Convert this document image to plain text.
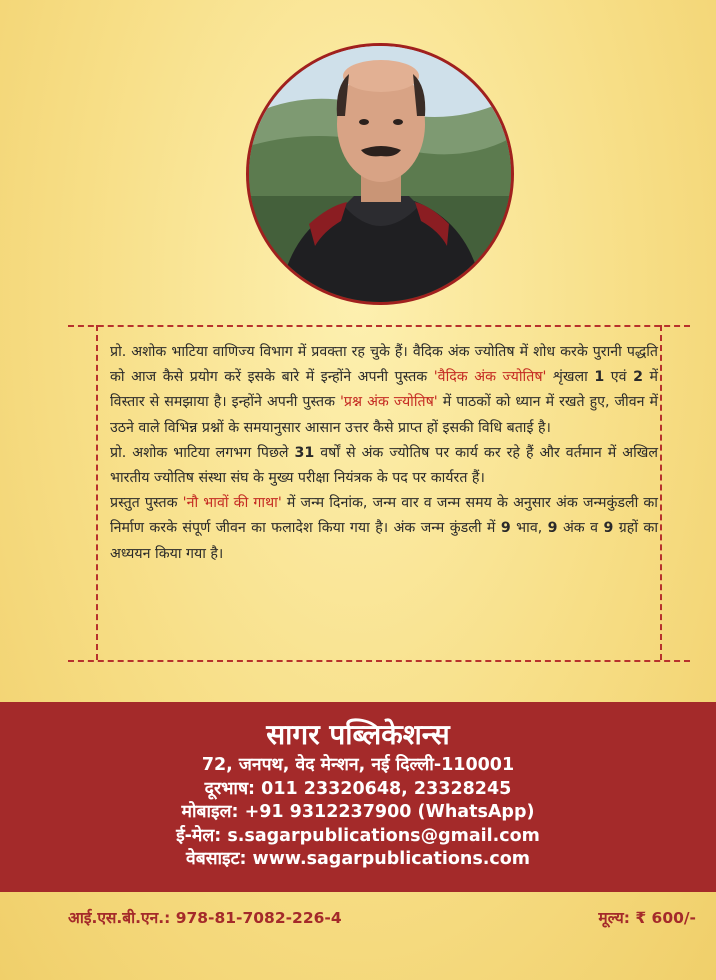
प्रो. अशोक भाटिया वाणिज्य विभाग में प्रवक्ता रह चुके हैं। वैदिक अंक ज्योतिष में शोध करके पुरानी पद्धति को आज कैसे प्रयोग करें इसके बारे में इन्होंने अपनी पुस्तक 'वैदिक अंक ज्योतिष' शृंखला 1 एवं 2 में विस्तार से समझाया है। इन्होंने अपनी पुस्तक 'प्रश्न अंक ज्योतिष' में पाठकों को ध्यान में रखते हुए, जीवन में उठने वाले विभिन्न प्रश्नों के समयानुसार आसान उत्तर कैसे प्राप्त हों इसकी विधि बताई है।

प्रो. अशोक भाटिया लगभग पिछले 31 वर्षों से अंक ज्योतिष पर कार्य कर रहे हैं और वर्तमान में अखिल भारतीय ज्योतिष संस्था संघ के मुख्य परीक्षा नियंत्रक के पद पर कार्यरत हैं।

प्रस्तुत पुस्तक 'नौ भावों की गाथा' में जन्म दिनांक, जन्म वार व जन्म समय के अनुसार अंक जन्मकुंडली का निर्माण करके संपूर्ण जीवन का फलादेश किया गया है। अंक जन्म कुंडली में 9 भाव, 9 अंक व 9 ग्रहों का अध्ययन किया गया है।

सागर पब्लिकेशन्स
72, जनपथ, वेद मेन्शन, नई दिल्ली-110001
दूरभाष: 011 23320648, 23328245
मोबाइल: +91 9312237900 (WhatsApp)
ई-मेल: s.sagarpublications@gmail.com
वेबसाइट: www.sagarpublications.com
आई.एस.बी.एन.: 978-81-7082-226-4	मूल्य: ₹ 600/-
